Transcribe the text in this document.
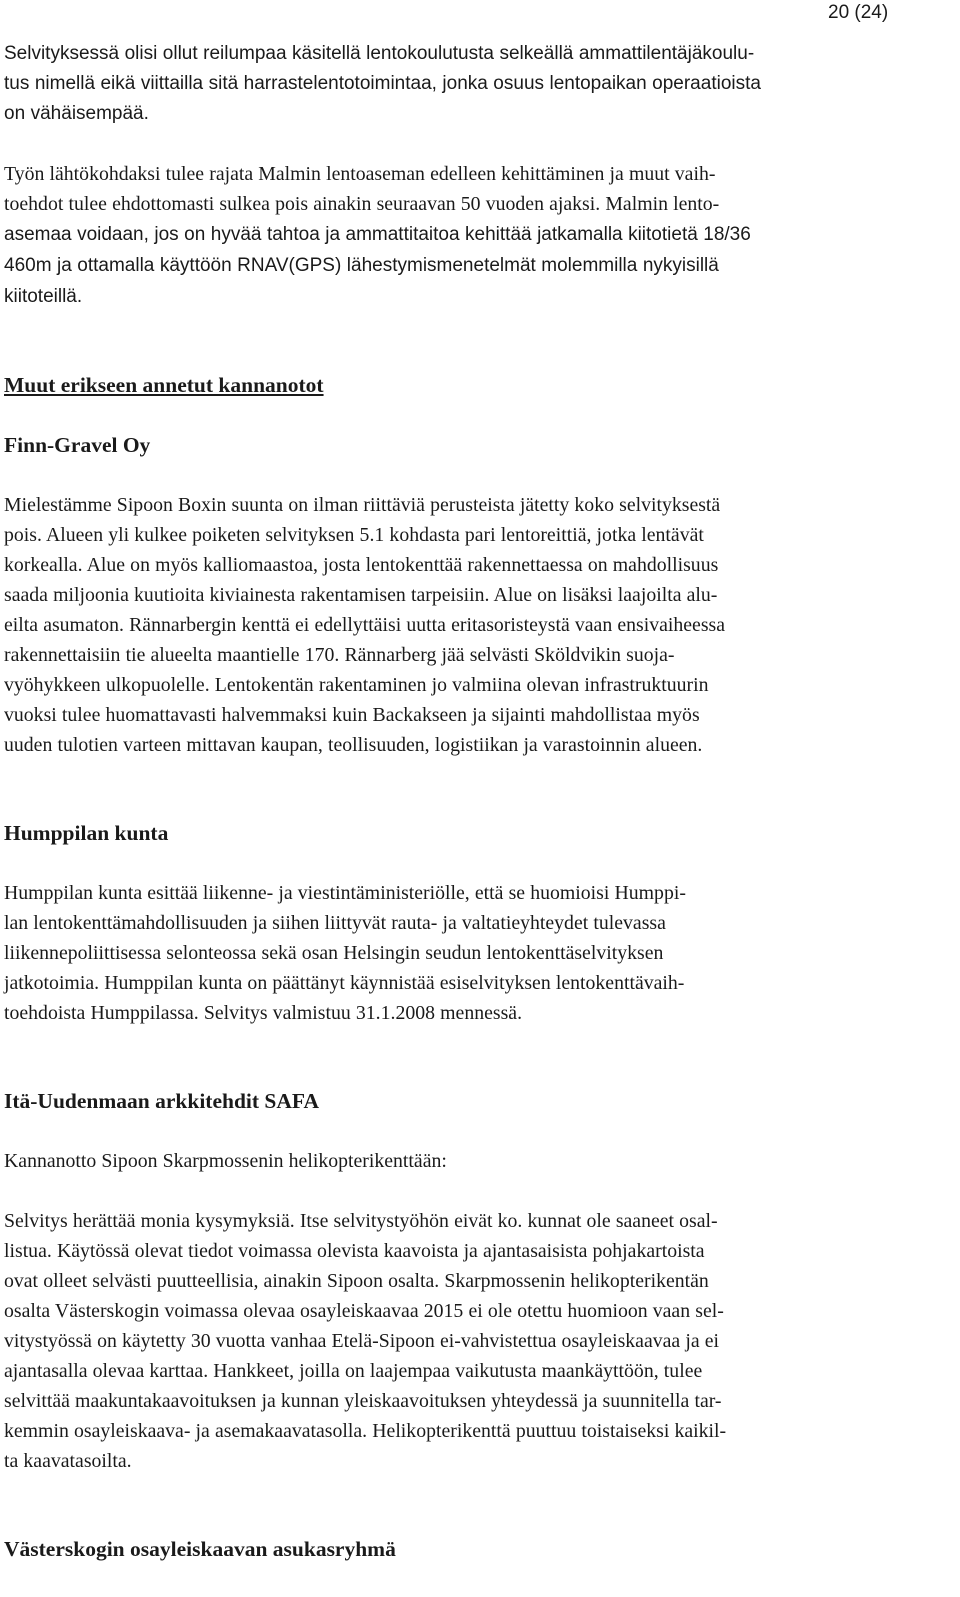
20 (24)

Selvityksessä olisi ollut reilumpaa käsitellä lentokoulutusta selkeällä ammattilentäjäkoulu-
tus nimellä eikä viittailla sitä harrastelentotoimintaa, jonka osuus lentopaikan operaatioista
on vähäisempää.

Työn lähtökohdaksi tulee rajata Malmin lentoaseman edelleen kehittäminen ja muut vaih-
toehdot tulee ehdottomasti sulkea pois ainakin seuraavan 50 vuoden ajaksi. Malmin lento-
asemaa voidaan, jos on hyvää tahtoa ja ammattitaitoa kehittää jatkamalla kiitotietä 18/36
460m ja ottamalla käyttöön RNAV(GPS) lähestymismenetelmät molemmilla nykyisillä
kiitoteillä.

Muut erikseen annetut kannanotot
Finn-Gravel Oy

Mielestämme Sipoon Boxin suunta on ilman riittäviä perusteista jätetty koko selvityksestä
pois. Alueen yli kulkee poiketen selvityksen 5.1 kohdasta pari lentoreittiä, jotka lentävät
korkealla. Alue on myös kalliomaastoa, josta lentokenttää rakennettaessa on mahdollisuus
saada miljoonia kuutioita kiviainesta rakentamisen tarpeisiin. Alue on lisäksi laajoilta alu-
eilta asumaton. Rännarbergin kenttä ei edellyttäisi uutta eritasoristeystä vaan ensivaiheessa
rakennettaisiin tie alueelta maantielle 170. Rännarberg jää selvästi Sköldvikin suoja-
vyöhykkeen ulkopuolelle. Lentokentän rakentaminen jo valmiina olevan infrastruktuurin
vuoksi tulee huomattavasti halvemmaksi kuin Backakseen ja sijainti mahdollistaa myös
uuden tulotien varteen mittavan kaupan, teollisuuden, logistiikan ja varastoinnin alueen.

Humppilan kunta

Humppilan kunta esittää liikenne- ja viestintäministeriölle, että se huomioisi Humppi-
lan lentokenttämahdollisuuden ja siihen liittyvät rauta- ja valtatieyhteydet tulevassa
liikennepoliittisessa selonteossa sekä osan Helsingin seudun lentokenttäselvityksen
jatkotoimia. Humppilan kunta on päättänyt käynnistää esiselvityksen lentokenttävaih-
toehdoista Humppilassa. Selvitys valmistuu 31.1.2008 mennessä.

Itä-Uudenmaan arkkitehdit SAFA

Kannanotto Sipoon Skarpmossenin helikopterikenttään:

Selvitys herättää monia kysymyksiä. Itse selvitystyöhön eivät ko. kunnat ole saaneet osal-
listua. Käytössä olevat tiedot voimassa olevista kaavoista ja ajantasaisista pohjakartoista
ovat olleet selvästi puutteellisia, ainakin Sipoon osalta. Skarpmossenin helikopterikentän
osalta Västerskogin voimassa olevaa osayleiskaavaa 2015 ei ole otettu huomioon vaan sel-
vitystyössä on käytetty 30 vuotta vanhaa Etelä-Sipoon ei-vahvistettua osayleiskaavaa ja ei
ajantasalla olevaa karttaa. Hankkeet, joilla on laajempaa vaikutusta maankäyttöön, tulee
selvittää maakuntakaavoituksen ja kunnan yleiskaavoituksen yhteydessä ja suunnitella tar-
kemmin osayleiskaava- ja asemakaavatasolla. Helikopterikenttä puuttuu toistaiseksi kaikil-
ta kaavatasoilta.

Västerskogin osayleiskaavan asukasryhmä
